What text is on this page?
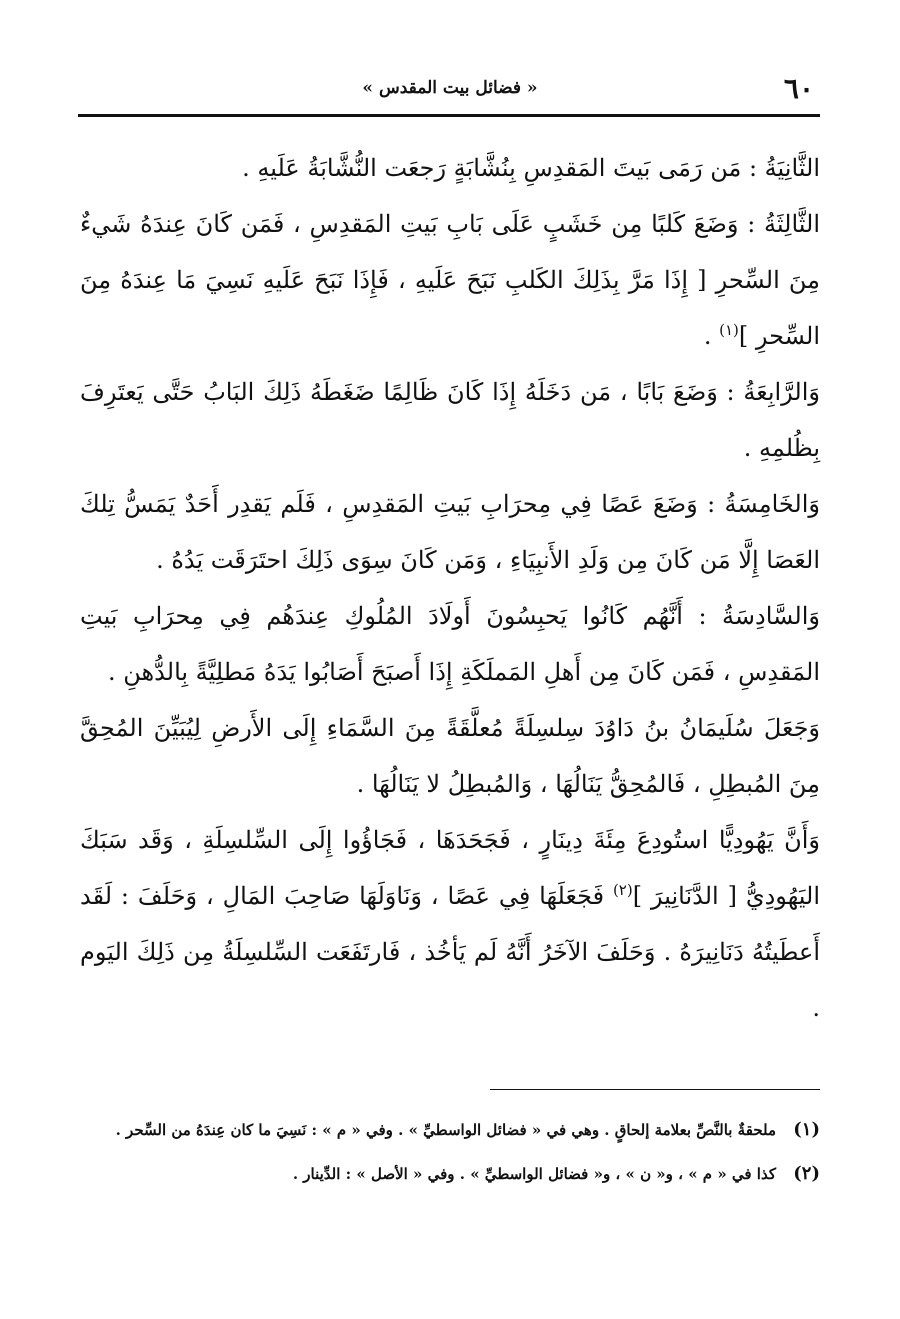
٦٠
« فضائل بيت المقدس »

الثَّانِيَةُ : مَن رَمَى بَيتَ المَقدِسِ بِنُشَّابَةٍ رَجعَت النُّشَّابَةُ عَلَيهِ .

الثَّالِثَةُ : وَضَعَ كَلبًا مِن خَشَبٍ عَلَى بَابِ بَيتِ المَقدِسِ ، فَمَن كَانَ عِندَهُ شَيءٌ مِنَ السِّحرِ [ إِذَا مَرَّ بِذَلِكَ الكَلبِ نَبَحَ عَلَيهِ ، فَإِذَا نَبَحَ عَلَيهِ نَسِيَ مَا عِندَهُ مِنَ السِّحرِ ]$^{(١)}$ .

وَالرَّابِعَةُ : وَضَعَ بَابًا ، مَن دَخَلَهُ إِذَا كَانَ ظَالِمًا ضَغَطَهُ ذَلِكَ البَابُ حَتَّى يَعتَرِفَ بِظُلمِهِ .

وَالخَامِسَةُ : وَضَعَ عَصًا فِي مِحرَابِ بَيتِ المَقدِسِ ، فَلَم يَقدِر أَحَدٌ يَمَسُّ تِلكَ العَصَا إِلَّا مَن كَانَ مِن وَلَدِ الأَنبِيَاءِ ، وَمَن كَانَ سِوَى ذَلِكَ احتَرَقَت يَدُهُ .

وَالسَّادِسَةُ : أَنَّهُم كَانُوا يَحبِسُونَ أَولَادَ المُلُوكِ عِندَهُم فِي مِحرَابِ بَيتِ المَقدِسِ ، فَمَن كَانَ مِن أَهلِ المَملَكَةِ إِذَا أَصبَحَ أَصَابُوا يَدَهُ مَطلِيَّةً بِالدُّهنِ .

وَجَعَلَ سُلَيمَانُ بنُ دَاوُدَ سِلسِلَةً مُعلَّقَةً مِنَ السَّمَاءِ إِلَى الأَرضِ لِيُبَيِّنَ المُحِقَّ مِنَ المُبطِلِ ، فَالمُحِقُّ يَنَالُهَا ، وَالمُبطِلُ لا يَنَالُهَا .

وَأَنَّ يَهُودِيًّا استُودِعَ مِئَةَ دِينَارٍ ، فَجَحَدَهَا ، فَجَاؤُوا إِلَى السِّلسِلَةِ ، وَقَد سَبَكَ اليَهُودِيُّ [ الدَّنَانِيرَ ]$^{(٢)}$ فَجَعَلَهَا فِي عَصًا ، وَنَاوَلَهَا صَاحِبَ المَالِ ، وَحَلَفَ : لَقَد أَعطَيتُهُ دَنَانِيرَهُ . وَحَلَفَ الآخَرُ أَنَّهُ لَم يَأخُذ ، فَارتَفَعَت السِّلسِلَةُ مِن ذَلِكَ اليَوم .

(١)
ملحقةٌ بالنَّصِّ بعلامة إلحاقٍ . وهي في « فضائل الواسطيِّ » . وفي « م » : نَسِيَ ما كان عِندَهُ من السِّحر .
(٢)
كذا في « م » ، و« ن » ، و« فضائل الواسطيِّ » . وفي « الأصل » : الدِّينار .
